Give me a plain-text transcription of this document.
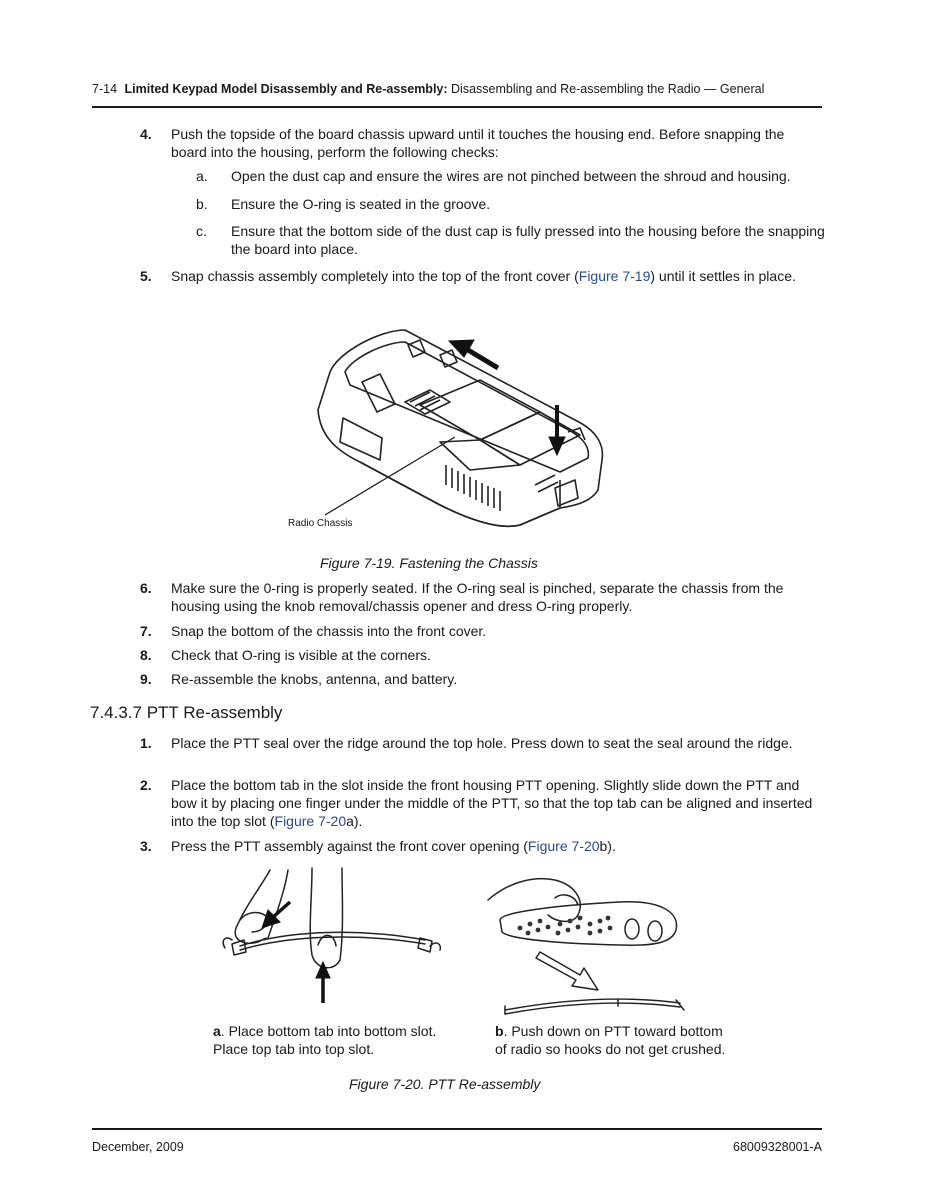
7-14 Limited Keypad Model Disassembly and Re-assembly: Disassembling and Re-assembling the Radio — General
4.	Push the topside of the board chassis upward until it touches the housing end. Before snapping the board into the housing, perform the following checks:
a. Open the dust cap and ensure the wires are not pinched between the shroud and housing.
b. Ensure the O-ring is seated in the groove.
c. Ensure that the bottom side of the dust cap is fully pressed into the housing before the snapping the board into place.
5.	Snap chassis assembly completely into the top of the front cover (Figure 7-19) until it settles in place.
Radio Chassis
Figure 7-19. Fastening the Chassis
6.	Make sure the 0-ring is properly seated. If the O-ring seal is pinched, separate the chassis from the housing using the knob removal/chassis opener and dress O-ring properly.
7.	Snap the bottom of the chassis into the front cover.
8.	Check that O-ring is visible at the corners.
9.	Re-assemble the knobs, antenna, and battery.
7.4.3.7 PTT Re-assembly
1.	Place the PTT seal over the ridge around the top hole. Press down to seat the seal around the ridge.
2.	Place the bottom tab in the slot inside the front housing PTT opening. Slightly slide down the PTT and bow it by placing one finger under the middle of the PTT, so that the top tab can be aligned and inserted into the top slot (Figure 7-20a).
3.	Press the PTT assembly against the front cover opening (Figure 7-20b).
a. Place bottom tab into bottom slot.
Place top tab into top slot.
b. Push down on PTT toward bottom
of radio so hooks do not get crushed.
Figure 7-20. PTT Re-assembly
December, 2009	68009328001-A
